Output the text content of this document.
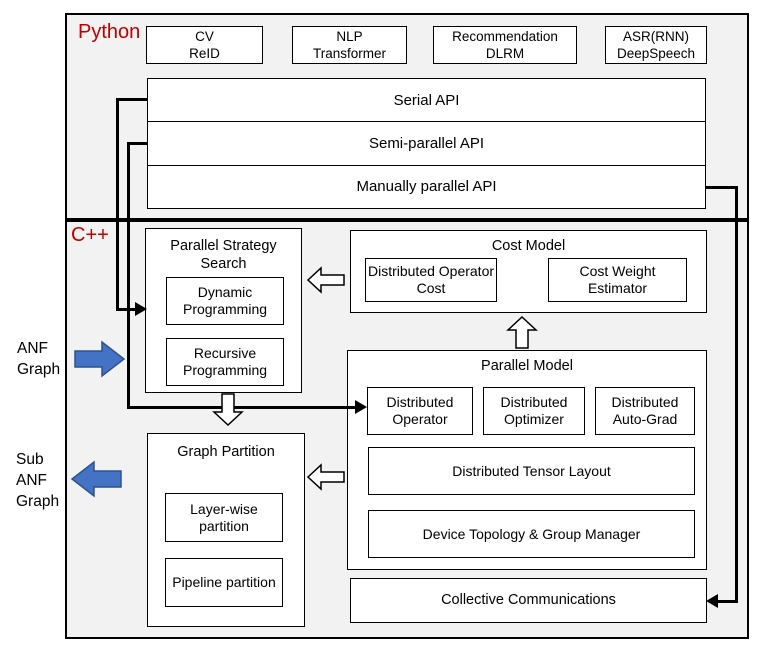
Python
C++
CV
ReID
NLP
Transformer
Recommendation
DLRM
ASR(RNN)
DeepSpeech
Serial API
Semi-parallel API
Manually parallel API
Parallel Strategy Search
Dynamic Programming
Recursive Programming
Cost Model
Distributed Operator Cost
Cost Weight Estimator
Parallel Model
Distributed Operator
Distributed Optimizer
Distributed Auto-Grad
Distributed Tensor Layout
Device Topology & Group Manager
Graph Partition
Layer-wise partition
Pipeline partition
Collective Communications
ANF
Graph
Sub
ANF
Graph
